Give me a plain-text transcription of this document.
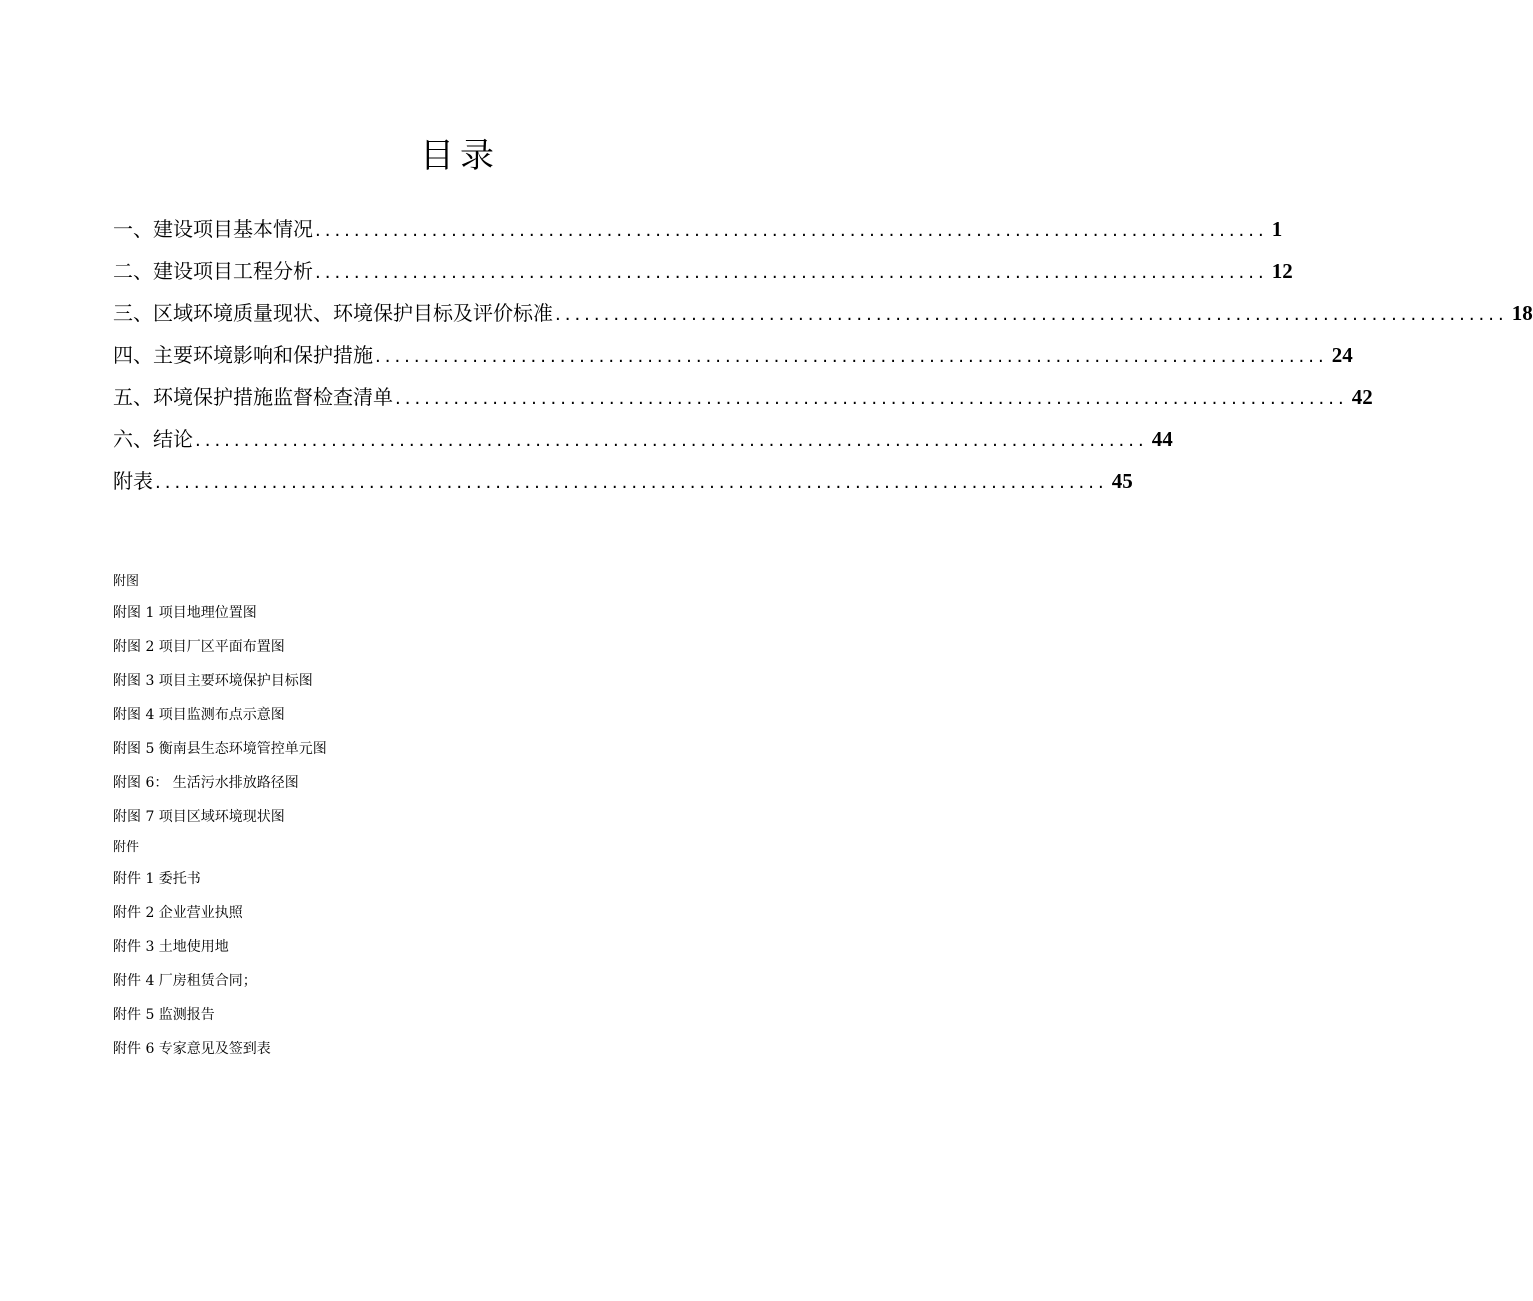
目录
一、建设项目基本情况 .................................................................................................. 1
二、建设项目工程分析 .................................................................................................. 12
三、区域环境质量现状、环境保护目标及评价标准 .................................................................................................. 18
四、主要环境影响和保护措施 .................................................................................................. 24
五、环境保护措施监督检查清单 .................................................................................................. 42
六、结论 .................................................................................................. 44
附表 .................................................................................................. 45
附图
附图 1 项目地理位置图
附图 2 项目厂区平面布置图
附图 3 项目主要环境保护目标图
附图 4 项目监测布点示意图
附图 5 衡南县生态环境管控单元图
附图 6： 生活污水排放路径图
附图 7 项目区域环境现状图
附件
附件 1 委托书
附件 2 企业营业执照
附件 3 土地使用地
附件 4 厂房租赁合同；
附件 5 监测报告
附件 6 专家意见及签到表
